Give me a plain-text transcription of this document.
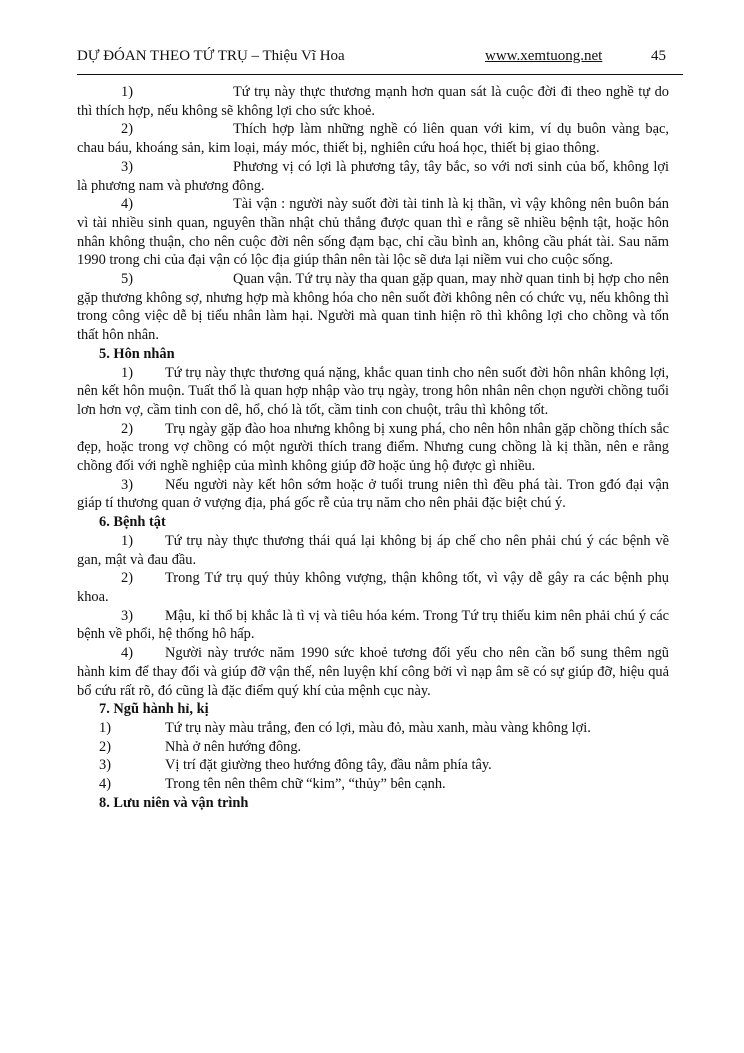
DỰ ĐÓAN THEO TỨ TRỤ – Thiệu Vĩ Hoa	www.xemtuong.net	45

1)	Tứ trụ này thực thương mạnh hơn quan sát là cuộc đời đi theo nghề tự do thì thích hợp, nếu không sẽ không lợi cho sức khoẻ.

2)	Thích hợp làm những nghề có liên quan với kim, ví dụ buôn vàng bạc, chau báu, khoáng sản, kim loại, máy móc, thiết bị, nghiên cứu hoá học, thiết bị giao thông.

3)	Phương vị có lợi là phương tây, tây bắc, so với nơi sinh của bố, không lợi là phương nam và phương đông.

4)	Tài vận : người này suốt đời tài tinh là kị thần, vì vậy không nên buôn bán vì tài nhiều sinh quan, nguyên thần nhật chủ thắng được quan thì e rằng sẽ nhiều bệnh tật, hoặc hôn nhân không thuận, cho nên cuộc đời nên sống đạm bạc, chỉ cầu bình an, không cầu phát tài. Sau năm 1990 trong chi của đại vận có lộc địa giúp thân nên tài lộc sẽ dưa lại niềm vui cho cuộc sống.

5)	Quan vận. Tứ trụ này tha quan gặp quan, may nhờ quan tinh bị hợp cho nên gặp thương không sợ, nhưng hợp mà không hóa cho nên suốt đời không nên có chức vụ, nếu không thì trong công việc dễ bị tiểu nhân làm hại. Người mà quan tinh hiện rõ thì không lợi cho chồng và tổn thất hôn nhân.

5. Hôn nhân

1) Tứ trụ này thực thương quá nặng, khắc quan tinh cho nên suốt đời hôn nhân không lợi, nên kết hôn muộn. Tuất thổ là quan hợp nhập vào trụ ngày, trong hôn nhân nên chọn người chồng tuổi lơn hơn vợ, cầm tinh con dê, hổ, chó là tốt, cầm tinh con chuột, trâu thì không tốt.

2) Trụ ngày gặp đào hoa nhưng không bị xung phá, cho nên hôn nhân gặp chồng thích sắc đẹp, hoặc trong vợ chồng có một người thích trang điểm. Nhưng cung chồng là kị thần, nên e rằng chồng đối với nghề nghiệp của mình không giúp đỡ hoặc ủng hộ được gì nhiều.

3) Nếu người này kết hôn sớm hoặc ở tuổi trung niên thì đều phá tài. Tron gđó đại vận giáp tí thương quan ở vượng địa, phá gốc rễ của trụ năm cho nên phải đặc biệt chú ý.

6. Bệnh tật

1) Tứ trụ này thực thương thái quá lại không bị áp chế cho nên phải chú ý các bệnh về gan, mật và đau đầu.

2) Trong Tứ trụ quý thủy không vượng, thận không tốt, vì vậy dễ gây ra các bệnh phụ khoa.

3) Mậu, kỉ thổ bị khắc là tì vị và tiêu hóa kém. Trong Tứ trụ thiếu kim nên phải chú ý các bệnh về phổi, hệ thống hô hấp.

4) Người này trước năm 1990 sức khoẻ tương đối yếu cho nên cần bổ sung thêm ngũ hành kim để thay đổi và giúp đỡ vận thế, nên luyện khí công bởi vì nạp âm sẽ có sự giúp đỡ, hiệu quả bổ cứu rất rõ, đó cũng là đặc điểm quý khí của mệnh cục này.

7. Ngũ hành hỉ, kị

1)	Tứ trụ này màu trắng, đen có lợi, màu đỏ, màu xanh, màu vàng không lợi.

2)	Nhà ở nên hướng đông.

3)	Vị trí đặt giường theo hướng đông tây, đầu nằm phía tây.

4)	Trong tên nên thêm chữ “kim”, “thủy” bên cạnh.

8. Lưu niên và vận trình
